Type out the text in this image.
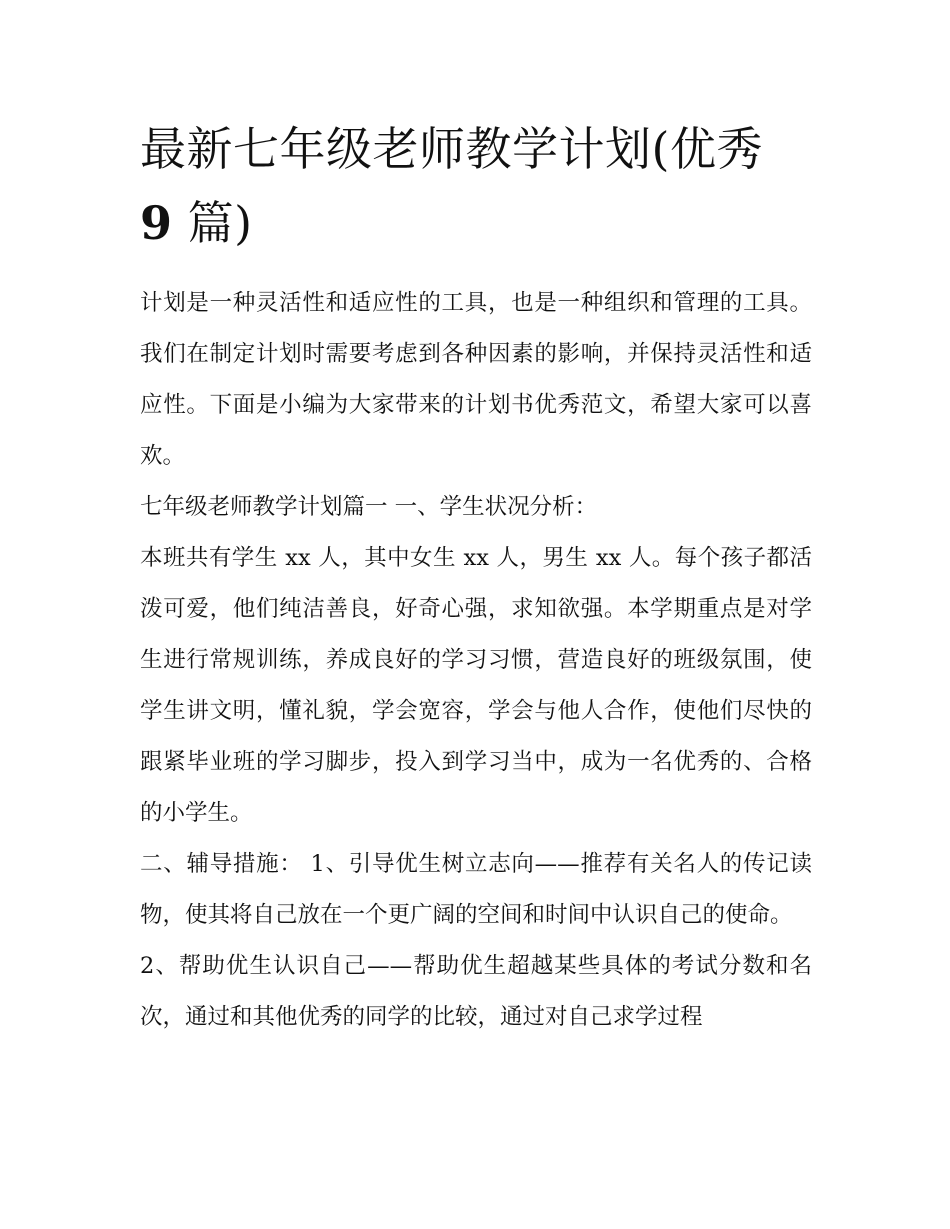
最新七年级老师教学计划(优秀
9 篇)

计划是一种灵活性和适应性的工具，也是一种组织和管理的工具。我们在制定计划时需要考虑到各种因素的影响，并保持灵活性和适应性。下面是小编为大家带来的计划书优秀范文，希望大家可以喜欢。

七年级老师教学计划篇一 一、学生状况分析：

本班共有学生 xx 人，其中女生 xx 人，男生 xx 人。每个孩子都活泼可爱，他们纯洁善良，好奇心强，求知欲强。本学期重点是对学生进行常规训练，养成良好的学习习惯，营造良好的班级氛围，使学生讲文明，懂礼貌，学会宽容，学会与他人合作，使他们尽快的跟紧毕业班的学习脚步，投入到学习当中，成为一名优秀的、合格的小学生。

二、辅导措施： 1、引导优生树立志向——推荐有关名人的传记读物，使其将自己放在一个更广阔的空间和时间中认识自己的使命。

2、帮助优生认识自己——帮助优生超越某些具体的考试分数和名次，通过和其他优秀的同学的比较，通过对自己求学过程
